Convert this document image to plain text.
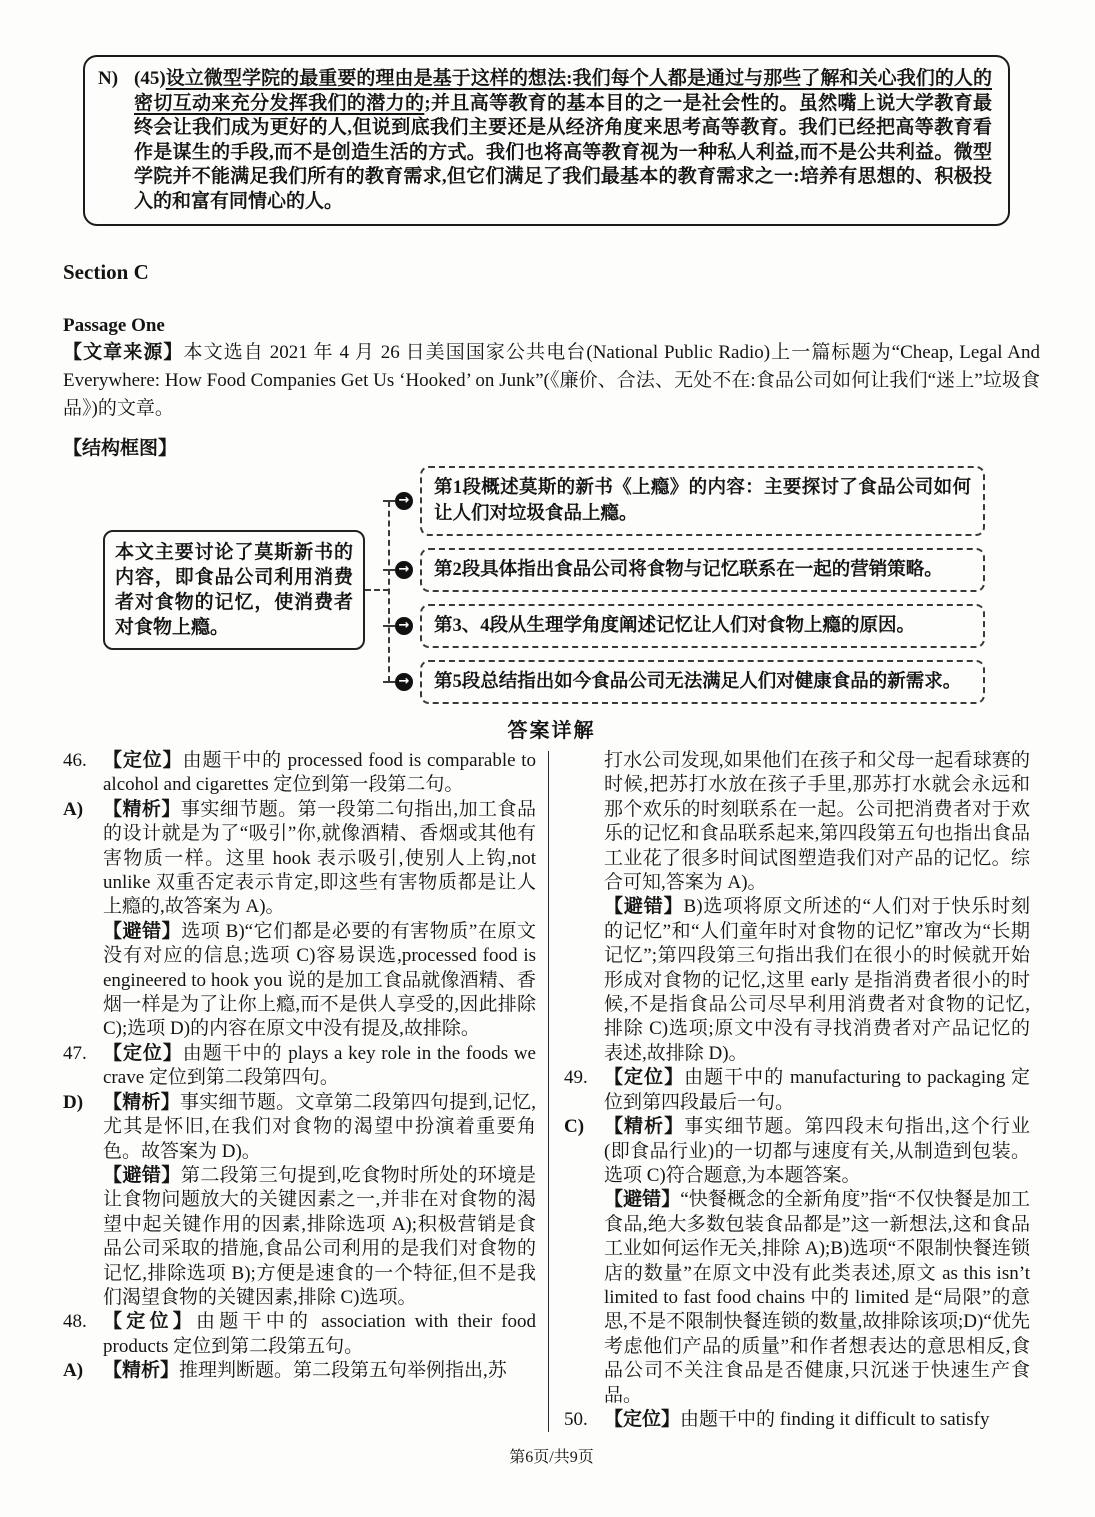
N) (45)设立微型学院的最重要的理由是基于这样的想法:我们每个人都是通过与那些了解和关心我们的人的密切互动来充分发挥我们的潜力的;并且高等教育的基本目的之一是社会性的。虽然嘴上说大学教育最终会让我们成为更好的人,但说到底我们主要还是从经济角度来思考高等教育。我们已经把高等教育看作是谋生的手段,而不是创造生活的方式。我们也将高等教育视为一种私人利益,而不是公共利益。微型学院并不能满足我们所有的教育需求,但它们满足了我们最基本的教育需求之一:培养有思想的、积极投入的和富有同情心的人。
Section C
Passage One
【文章来源】本文选自 2021 年 4 月 26 日美国国家公共电台(National Public Radio)上一篇标题为“Cheap, Legal And Everywhere: How Food Companies Get Us ‘Hooked’ on Junk”(《廉价、合法、无处不在:食品公司如何让我们“迷上”垃圾食品》)的文章。
【结构框图】
本文主要讨论了莫斯新书的内容，即食品公司利用消费者对食物的记忆，使消费者对食物上瘾。
→
→
→
→
第1段概述莫斯的新书《上瘾》的内容：主要探讨了食品公司如何让人们对垃圾食品上瘾。
第2段具体指出食品公司将食物与记忆联系在一起的营销策略。
第3、4段从生理学角度阐述记忆让人们对食物上瘾的原因。
第5段总结指出如今食品公司无法满足人们对健康食品的新需求。
答案详解
46. 【定位】由题干中的 processed food is comparable to alcohol and cigarettes 定位到第一段第二句。
A) 【精析】事实细节题。第一段第二句指出,加工食品的设计就是为了“吸引”你,就像酒精、香烟或其他有害物质一样。这里 hook 表示吸引,使别人上钩,not unlike 双重否定表示肯定,即这些有害物质都是让人上瘾的,故答案为 A)。
【避错】选项 B)“它们都是必要的有害物质”在原文没有对应的信息;选项 C)容易误选,processed food is engineered to hook you 说的是加工食品就像酒精、香烟一样是为了让你上瘾,而不是供人享受的,因此排除 C);选项 D)的内容在原文中没有提及,故排除。
47. 【定位】由题干中的 plays a key role in the foods we crave 定位到第二段第四句。
D) 【精析】事实细节题。文章第二段第四句提到,记忆,尤其是怀旧,在我们对食物的渴望中扮演着重要角色。故答案为 D)。
【避错】第二段第三句提到,吃食物时所处的环境是让食物问题放大的关键因素之一,并非在对食物的渴望中起关键作用的因素,排除选项 A);积极营销是食品公司采取的措施,食品公司利用的是我们对食物的记忆,排除选项 B);方便是速食的一个特征,但不是我们渴望食物的关键因素,排除 C)选项。
48. 【定位】由题干中的 association with their food products 定位到第二段第五句。
A) 【精析】推理判断题。第二段第五句举例指出,苏
打水公司发现,如果他们在孩子和父母一起看球赛的时候,把苏打水放在孩子手里,那苏打水就会永远和那个欢乐的时刻联系在一起。公司把消费者对于欢乐的记忆和食品联系起来,第四段第五句也指出食品工业花了很多时间试图塑造我们对产品的记忆。综合可知,答案为 A)。
【避错】B)选项将原文所述的“人们对于快乐时刻的记忆”和“人们童年时对食物的记忆”窜改为“长期记忆”;第四段第三句指出我们在很小的时候就开始形成对食物的记忆,这里 early 是指消费者很小的时候,不是指食品公司尽早利用消费者对食物的记忆,排除 C)选项;原文中没有寻找消费者对产品记忆的表述,故排除 D)。
49. 【定位】由题干中的 manufacturing to packaging 定位到第四段最后一句。
C) 【精析】事实细节题。第四段末句指出,这个行业(即食品行业)的一切都与速度有关,从制造到包装。选项 C)符合题意,为本题答案。
【避错】“快餐概念的全新角度”指“不仅快餐是加工食品,绝大多数包装食品都是”这一新想法,这和食品工业如何运作无关,排除 A);B)选项“不限制快餐连锁店的数量”在原文中没有此类表述,原文 as this isn’t limited to fast food chains 中的 limited 是“局限”的意思,不是不限制快餐连锁的数量,故排除该项;D)“优先考虑他们产品的质量”和作者想表达的意思相反,食品公司不关注食品是否健康,只沉迷于快速生产食品。
50. 【定位】由题干中的 finding it difficult to satisfy
第6页/共9页
